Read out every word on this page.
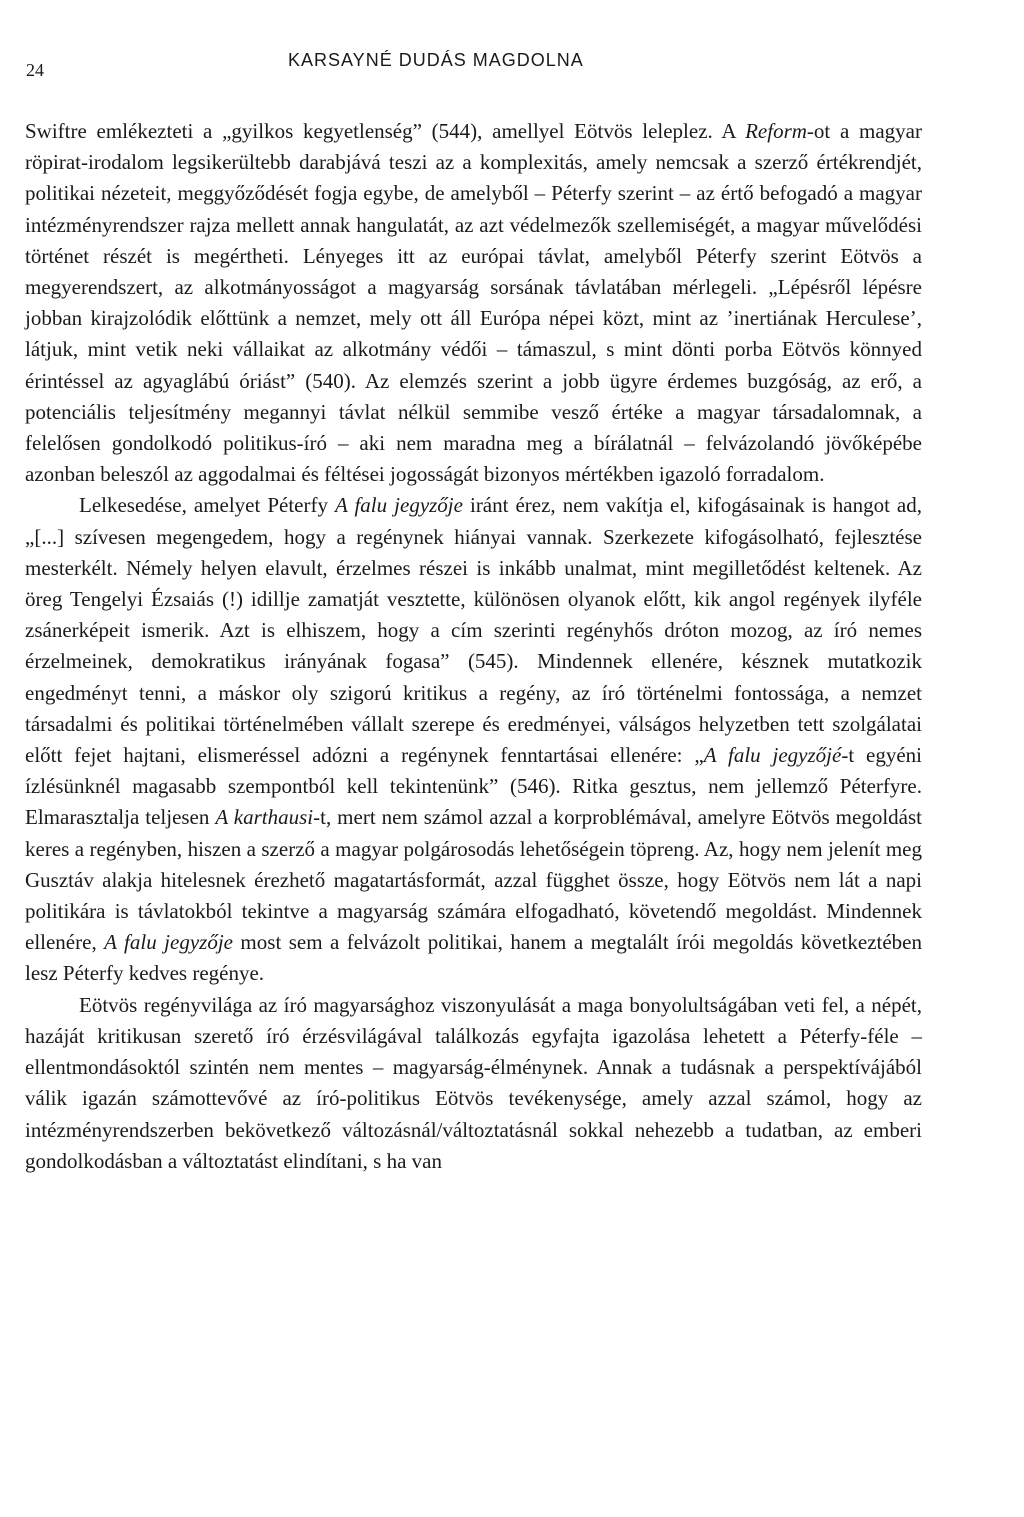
24	KARSAYNÉ DUDÁS MAGDOLNA

Swiftre emlékezteti a „gyilkos kegyetlenség” (544), amellyel Eötvös leleplez. A Reform-ot a magyar röpirat-irodalom legsikerültebb darabjává teszi az a komplexitás, amely nemcsak a szerző értékrendjét, politikai nézeteit, meggyőződését fogja egybe, de amelyből – Péterfy szerint – az értő befogadó a magyar intézményrendszer rajza mellett annak hangulatát, az azt védelmezők szellemiségét, a magyar művelődési történet részét is megértheti. Lényeges itt az európai távlat, amelyből Péterfy szerint Eötvös a megyerendszert, az alkotmányosságot a magyarság sorsának távlatában mérlegeli. „Lépésről lépésre jobban kirajzolódik előttünk a nemzet, mely ott áll Európa népei közt, mint az ’inertiának Herculese’, látjuk, mint vetik neki vállaikat az alkotmány védői – támaszul, s mint dönti porba Eötvös könnyed érintéssel az agyaglábú óriást” (540). Az elemzés szerint a jobb ügyre érdemes buzgóság, az erő, a potenciális teljesítmény megannyi távlat nélkül semmibe vesző értéke a magyar társadalomnak, a felelősen gondolkodó politikus-író – aki nem maradna meg a bírálatnál – felvázolandó jövőképébe azonban beleszól az aggodalmai és féltései jogosságát bizonyos mértékben igazoló forradalom.

Lelkesedése, amelyet Péterfy A falu jegyzője iránt érez, nem vakítja el, kifogásainak is hangot ad, „[...] szívesen megengedem, hogy a regénynek hiányai vannak. Szerkezete kifogásolható, fejlesztése mesterkélt. Némely helyen elavult, érzelmes részei is inkább unalmat, mint megilletődést keltenek. Az öreg Tengelyi Ézsaiás (!) idillje zamatját vesztette, különösen olyanok előtt, kik angol regények ilyféle zsánerképeit ismerik. Azt is elhiszem, hogy a cím szerinti regényhős dróton mozog, az író nemes érzelmeinek, demokratikus irányának fogasa” (545). Mindennek ellenére, késznek mutatkozik engedményt tenni, a máskor oly szigorú kritikus a regény, az író történelmi fontossága, a nemzet társadalmi és politikai történelmében vállalt szerepe és eredményei, válságos helyzetben tett szolgálatai előtt fejet hajtani, elismeréssel adózni a regénynek fenntartásai ellenére: „A falu jegyzőjé-t egyéni ízlésünknél magasabb szempontból kell tekintenünk” (546). Ritka gesztus, nem jellemző Péterfyre. Elmarasztalja teljesen A karthausi-t, mert nem számol azzal a korproblémával, amelyre Eötvös megoldást keres a regényben, hiszen a szerző a magyar polgárosodás lehetőségein töpreng. Az, hogy nem jelenít meg Gusztáv alakja hitelesnek érezhető magatartásformát, azzal függhet össze, hogy Eötvös nem lát a napi politikára is távlatokból tekintve a magyarság számára elfogadható, követendő megoldást. Mindennek ellenére, A falu jegyzője most sem a felvázolt politikai, hanem a megtalált írói megoldás következtében lesz Péterfy kedves regénye.

Eötvös regényvilága az író magyarsághoz viszonyulását a maga bonyolultságában veti fel, a népét, hazáját kritikusan szerető író érzésvilágával találkozás egyfajta igazolása lehetett a Péterfy-féle – ellentmondásoktól szintén nem mentes – magyarság-élménynek. Annak a tudásnak a perspektívájából válik igazán számottevővé az író-politikus Eötvös tevékenysége, amely azzal számol, hogy az intézményrendszerben bekövetkező változásnál/változtatásnál sokkal nehezebb a tudatban, az emberi gondolkodásban a változtatást elindítani, s ha van
